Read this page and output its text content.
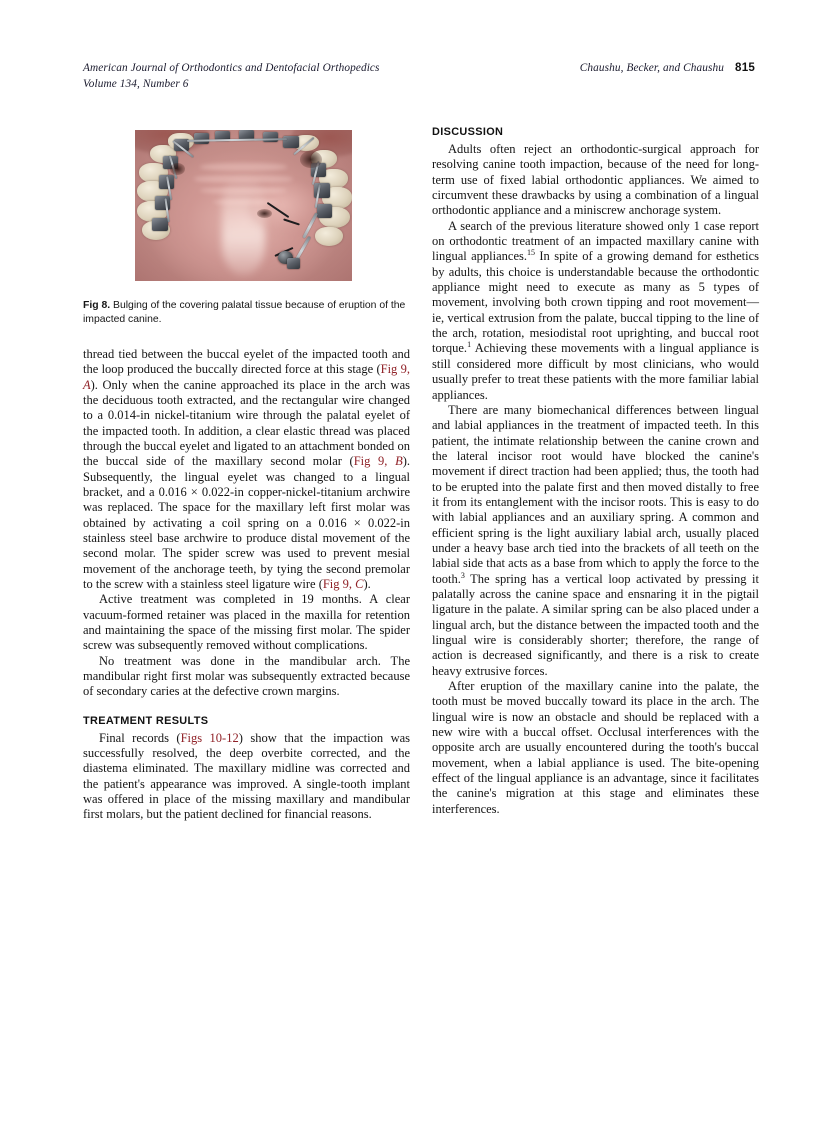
American Journal of Orthodontics and Dentofacial Orthopedics
Volume 134, Number 6
Chaushu, Becker, and Chaushu 815
Fig 8. Bulging of the covering palatal tissue because of eruption of the impacted canine.

thread tied between the buccal eyelet of the impacted tooth and the loop produced the buccally directed force at this stage (Fig 9, A). Only when the canine approached its place in the arch was the deciduous tooth extracted, and the rectangular wire changed to a 0.014-in nickel-titanium wire through the palatal eyelet of the impacted tooth. In addition, a clear elastic thread was placed through the buccal eyelet and ligated to an attachment bonded on the buccal side of the maxillary second molar (Fig 9, B). Subsequently, the lingual eyelet was changed to a lingual bracket, and a 0.016 × 0.022-in copper-nickel-titanium archwire was replaced. The space for the maxillary left first molar was obtained by activating a coil spring on a 0.016 × 0.022-in stainless steel base archwire to produce distal movement of the second molar. The spider screw was used to prevent mesial movement of the anchorage teeth, by tying the second premolar to the screw with a stainless steel ligature wire (Fig 9, C).

Active treatment was completed in 19 months. A clear vacuum-formed retainer was placed in the maxilla for retention and maintaining the space of the missing first molar. The spider screw was subsequently removed without complications.

No treatment was done in the mandibular arch. The mandibular right first molar was subsequently extracted because of secondary caries at the defective crown margins.

TREATMENT RESULTS

Final records (Figs 10-12) show that the impaction was successfully resolved, the deep overbite corrected, and the diastema eliminated. The maxillary midline was corrected and the patient's appearance was improved. A single-tooth implant was offered in place of the missing maxillary and mandibular first molars, but the patient declined for financial reasons.

DISCUSSION

Adults often reject an orthodontic-surgical approach for resolving canine tooth impaction, because of the need for long-term use of fixed labial orthodontic appliances. We aimed to circumvent these drawbacks by using a combination of a lingual orthodontic appliance and a miniscrew anchorage system.

A search of the previous literature showed only 1 case report on orthodontic treatment of an impacted maxillary canine with lingual appliances.$^{15}$ In spite of a growing demand for esthetics by adults, this choice is understandable because the orthodontic appliance might need to execute as many as 5 types of movement, involving both crown tipping and root movement—ie, vertical extrusion from the palate, buccal tipping to the line of the arch, rotation, mesiodistal root uprighting, and buccal root torque.$^1$ Achieving these movements with a lingual appliance is still considered more difficult by most clinicians, who would usually prefer to treat these patients with the more familiar labial appliances.

There are many biomechanical differences between lingual and labial appliances in the treatment of impacted teeth. In this patient, the intimate relationship between the canine crown and the lateral incisor root would have blocked the canine's movement if direct traction had been applied; thus, the tooth had to be erupted into the palate first and then moved distally to free it from its entanglement with the incisor roots. This is easy to do with labial appliances and an auxiliary spring. A common and efficient spring is the light auxiliary labial arch, usually placed under a heavy base arch tied into the brackets of all teeth on the labial side that acts as a base from which to apply the force to the tooth.$^3$ The spring has a vertical loop activated by pressing it palatally across the canine space and ensnaring it in the pigtail ligature in the palate. A similar spring can be also placed under a lingual arch, but the distance between the impacted tooth and the lingual wire is considerably shorter; therefore, the range of action is decreased significantly, and there is a risk to create heavy extrusive forces.

After eruption of the maxillary canine into the palate, the tooth must be moved buccally toward its place in the arch. The lingual wire is now an obstacle and should be replaced with a new wire with a buccal offset. Occlusal interferences with the opposite arch are usually encountered during the tooth's buccal movement, when a labial appliance is used. The bite-opening effect of the lingual appliance is an advantage, since it facilitates the canine's migration at this stage and eliminates these interferences.
